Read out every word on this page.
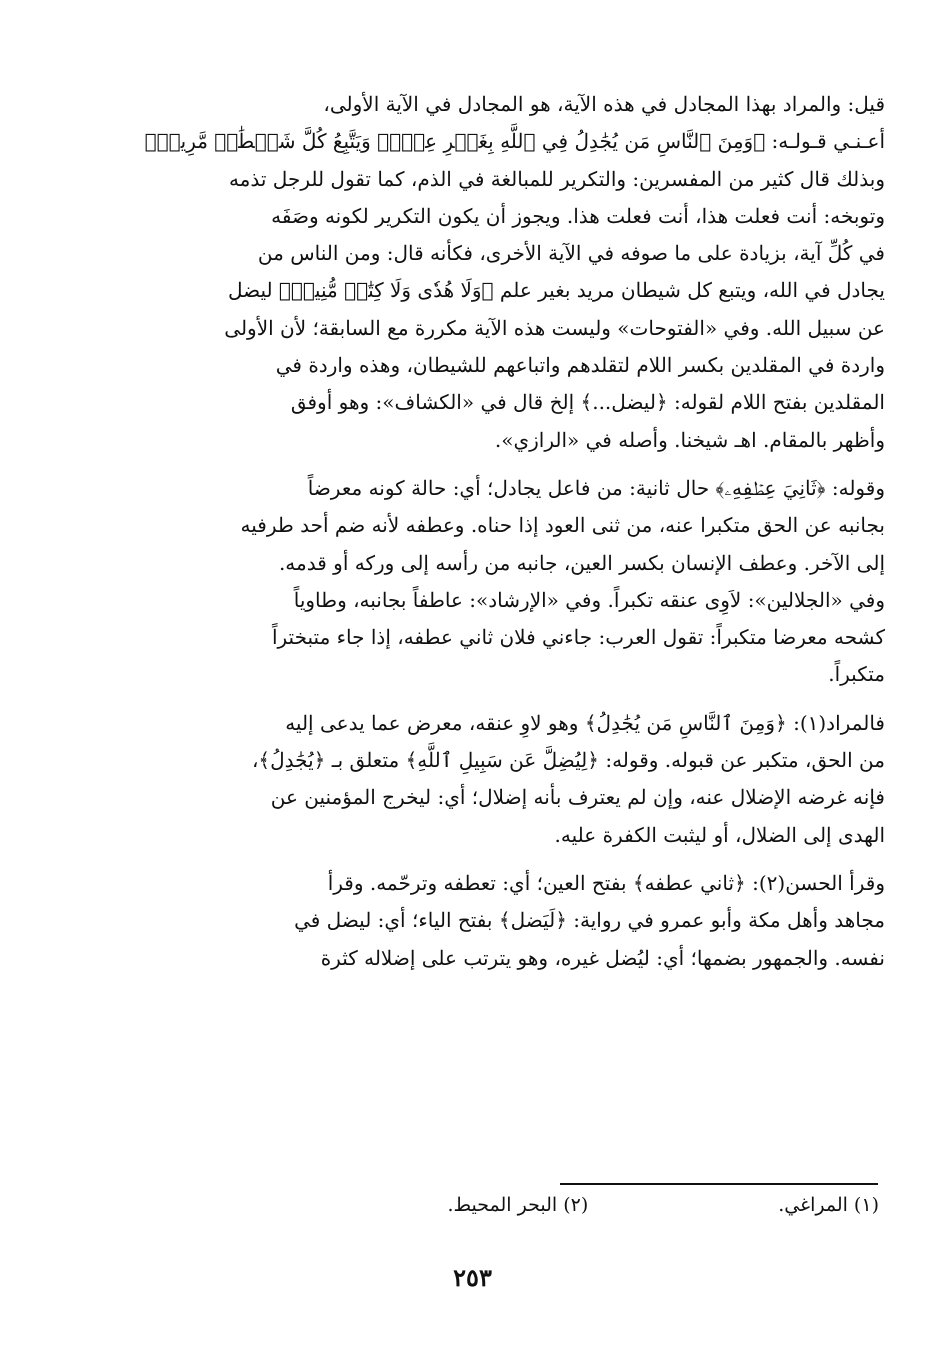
قيل: والمراد بهذا المجادل في هذه الآية، هو المجادل في الآية الأولى،
أعـنـي قـولـه: ﴿وَمِنَ ٱلنَّاسِ مَن يُجَٰدِلُ فِي ٱللَّهِ بِغَيۡرِ عِلۡمٖ وَيَتَّبِعُ كُلَّ شَيۡطَٰنٖ مَّرِيدٖ﴾
وبذلك قال كثير من المفسرين: والتكرير للمبالغة في الذم، كما تقول للرجل تذمه
وتوبخه: أنت فعلت هذا، أنت فعلت هذا. ويجوز أن يكون التكرير لكونه وصَفَه
في كُلِّ آية، بزيادة على ما صوفه في الآية الأخرى، فكأنه قال: ومن الناس من
يجادل في الله، ويتبع كل شيطان مريد بغير علم ﴿وَلَا هُدٗى وَلَا كِتَٰبٖ مُّنِيرٖ﴾ ليضل
عن سبيل الله. وفي «الفتوحات» وليست هذه الآية مكررة مع السابقة؛ لأن الأولى
واردة في المقلدين بكسر اللام لتقلدهم واتباعهم للشيطان، وهذه واردة في
المقلدين بفتح اللام لقوله: ﴿ليضل...﴾ إلخ قال في «الكشاف»: وهو أوفق
وأظهر بالمقام. اهـ شيخنا. وأصله في «الرازي».
وقوله: ﴿ثَانِيَ عِطۡفِهِۦ﴾ حال ثانية: من فاعل يجادل؛ أي: حالة كونه معرضاً
بجانبه عن الحق متكبرا عنه، من ثنى العود إذا حناه. وعطفه لأنه ضم أحد طرفيه
إلى الآخر. وعطف الإنسان بكسر العين، جانبه من رأسه إلى وركه أو قدمه.
وفي «الجلالين»: لاَوِى عنقه تكبراً. وفي «الإرشاد»: عاطفاً بجانبه، وطاوياً
كشحه معرضا متكبراً: تقول العرب: جاءني فلان ثاني عطفه، إذا جاء متبختراً
متكبراً.
فالمراد(١): ﴿وَمِنَ ٱلنَّاسِ مَن يُجَٰدِلُ﴾ وهو لاوِ عنقه، معرض عما يدعى إليه
من الحق، متكبر عن قبوله. وقوله: ﴿لِيُضِلَّ عَن سَبِيلِ ٱللَّهِ﴾ متعلق بـ ﴿يُجَٰدِلُ﴾،
فإنه غرضه الإضلال عنه، وإن لم يعترف بأنه إضلال؛ أي: ليخرج المؤمنين عن
الهدى إلى الضلال، أو ليثبت الكفرة عليه.
وقرأ الحسن(٢): ﴿ثاني عطفه﴾ بفتح العين؛ أي: تعطفه وترحّمه. وقرأ
مجاهد وأهل مكة وأبو عمرو في رواية: ﴿لَيَضل﴾ بفتح الياء؛ أي: ليضل في
نفسه. والجمهور بضمها؛ أي: ليُضل غيره، وهو يترتب على إضلاله كثرة
(١) المراغي.
(٢) البحر المحيط.
٢٥٣
